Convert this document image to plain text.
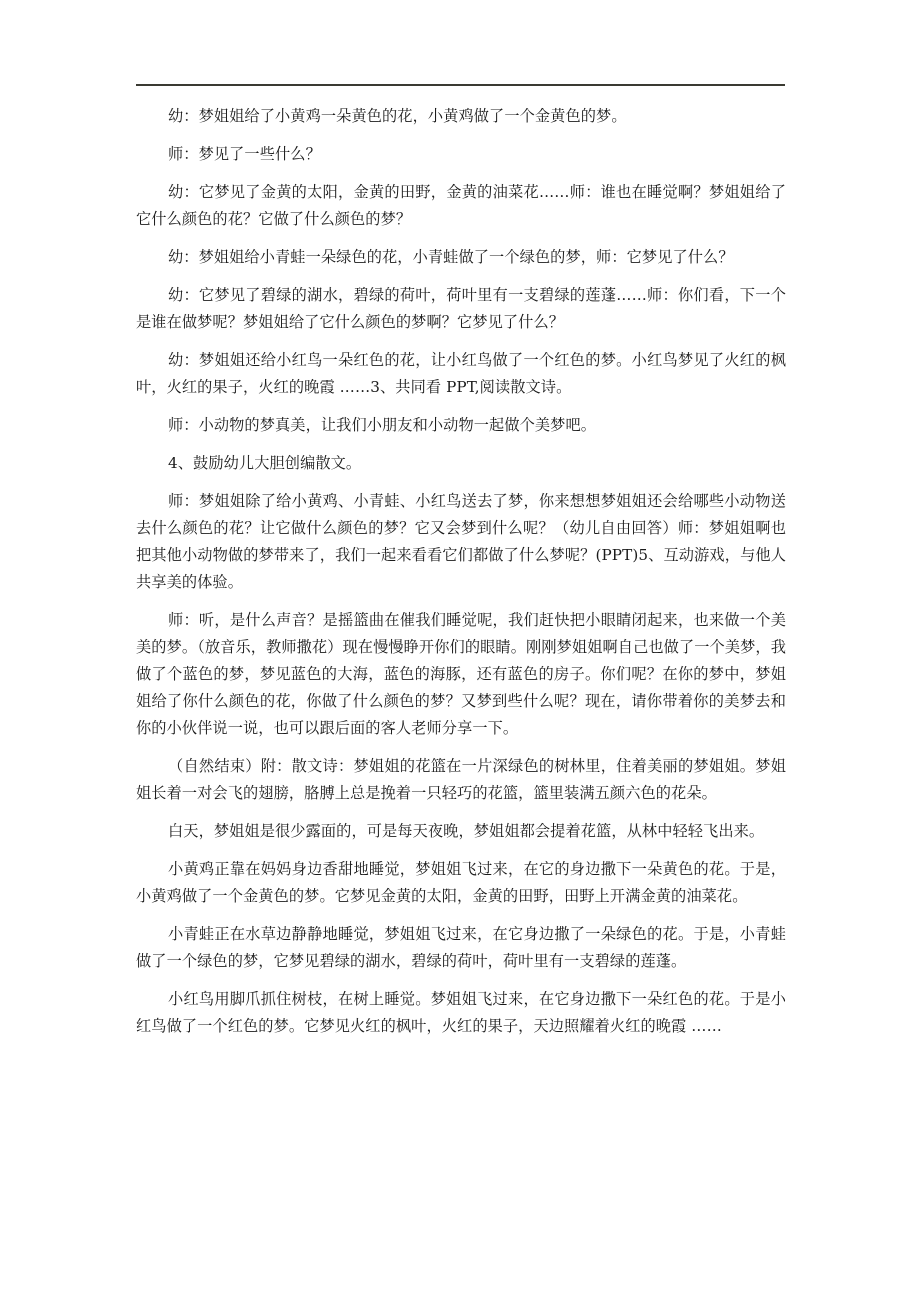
幼：梦姐姐给了小黄鸡一朵黄色的花，小黄鸡做了一个金黄色的梦。

师：梦见了一些什么？

幼：它梦见了金黄的太阳，金黄的田野，金黄的油菜花……师：谁也在睡觉啊？梦姐姐给了它什么颜色的花？它做了什么颜色的梦？

幼：梦姐姐给小青蛙一朵绿色的花，小青蛙做了一个绿色的梦，师：它梦见了什么？

幼：它梦见了碧绿的湖水，碧绿的荷叶，荷叶里有一支碧绿的莲蓬……师：你们看，下一个是谁在做梦呢？梦姐姐给了它什么颜色的梦啊？它梦见了什么？

幼：梦姐姐还给小红鸟一朵红色的花，让小红鸟做了一个红色的梦。小红鸟梦见了火红的枫叶，火红的果子，火红的晚霞 ……3、共同看 PPT,阅读散文诗。

师：小动物的梦真美，让我们小朋友和小动物一起做个美梦吧。

4、鼓励幼儿大胆创编散文。

师：梦姐姐除了给小黄鸡、小青蛙、小红鸟送去了梦，你来想想梦姐姐还会给哪些小动物送去什么颜色的花？让它做什么颜色的梦？它又会梦到什么呢？（幼儿自由回答）师：梦姐姐啊也把其他小动物做的梦带来了，我们一起来看看它们都做了什么梦呢？(PPT)5、互动游戏，与他人共享美的体验。

师：听，是什么声音？是摇篮曲在催我们睡觉呢，我们赶快把小眼睛闭起来，也来做一个美美的梦。（放音乐，教师撒花）现在慢慢睁开你们的眼睛。刚刚梦姐姐啊自己也做了一个美梦，我做了个蓝色的梦，梦见蓝色的大海，蓝色的海豚，还有蓝色的房子。你们呢？在你的梦中，梦姐姐给了你什么颜色的花，你做了什么颜色的梦？又梦到些什么呢？现在，请你带着你的美梦去和你的小伙伴说一说，也可以跟后面的客人老师分享一下。

（自然结束）附：散文诗：梦姐姐的花篮在一片深绿色的树林里，住着美丽的梦姐姐。梦姐姐长着一对会飞的翅膀，胳膊上总是挽着一只轻巧的花篮，篮里装满五颜六色的花朵。

白天，梦姐姐是很少露面的，可是每天夜晚，梦姐姐都会提着花篮，从林中轻轻飞出来。

小黄鸡正靠在妈妈身边香甜地睡觉，梦姐姐飞过来，在它的身边撒下一朵黄色的花。于是，小黄鸡做了一个金黄色的梦。它梦见金黄的太阳，金黄的田野，田野上开满金黄的油菜花。

小青蛙正在水草边静静地睡觉，梦姐姐飞过来，在它身边撒了一朵绿色的花。于是，小青蛙做了一个绿色的梦，它梦见碧绿的湖水，碧绿的荷叶，荷叶里有一支碧绿的莲蓬。

小红鸟用脚爪抓住树枝，在树上睡觉。梦姐姐飞过来，在它身边撒下一朵红色的花。于是小红鸟做了一个红色的梦。它梦见火红的枫叶，火红的果子，天边照耀着火红的晚霞 ……
